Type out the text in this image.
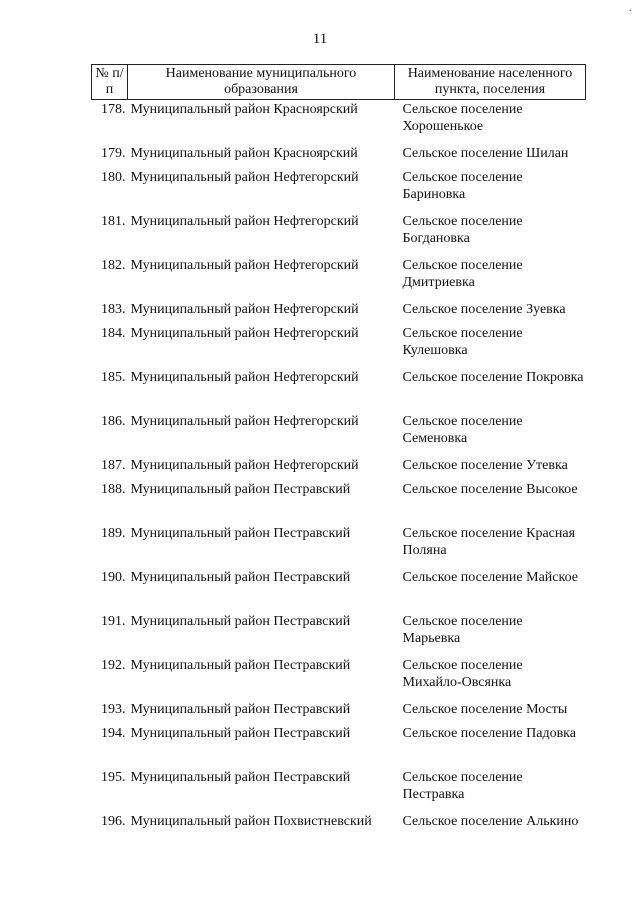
·
11
№ п/п	Наименование муниципального образования	Наименование населенного пункта, поселения
178.	Муниципальный район Красноярский	Сельское поселение Хорошенькое
179.	Муниципальный район Красноярский	Сельское поселение Шилан
180.	Муниципальный район Нефтегорский	Сельское поселение Бариновка
181.	Муниципальный район Нефтегорский	Сельское поселение Богдановка
182.	Муниципальный район Нефтегорский	Сельское поселение Дмитриевка
183.	Муниципальный район Нефтегорский	Сельское поселение Зуевка
184.	Муниципальный район Нефтегорский	Сельское поселение Кулешовка
185.	Муниципальный район Нефтегорский	Сельское поселение Покровка
186.	Муниципальный район Нефтегорский	Сельское поселение Семеновка
187.	Муниципальный район Нефтегорский	Сельское поселение Утевка
188.	Муниципальный район Пестравский	Сельское поселение Высокое
189.	Муниципальный район Пестравский	Сельское поселение Красная Поляна
190.	Муниципальный район Пестравский	Сельское поселение Майское
191.	Муниципальный район Пестравский	Сельское поселение Марьевка
192.	Муниципальный район Пестравский	Сельское поселение Михайло-Овсянка
193.	Муниципальный район Пестравский	Сельское поселение Мосты
194.	Муниципальный район Пестравский	Сельское поселение Падовка
195.	Муниципальный район Пестравский	Сельское поселение Пестравка
196.	Муниципальный район Похвистневский	Сельское поселение Алькино
